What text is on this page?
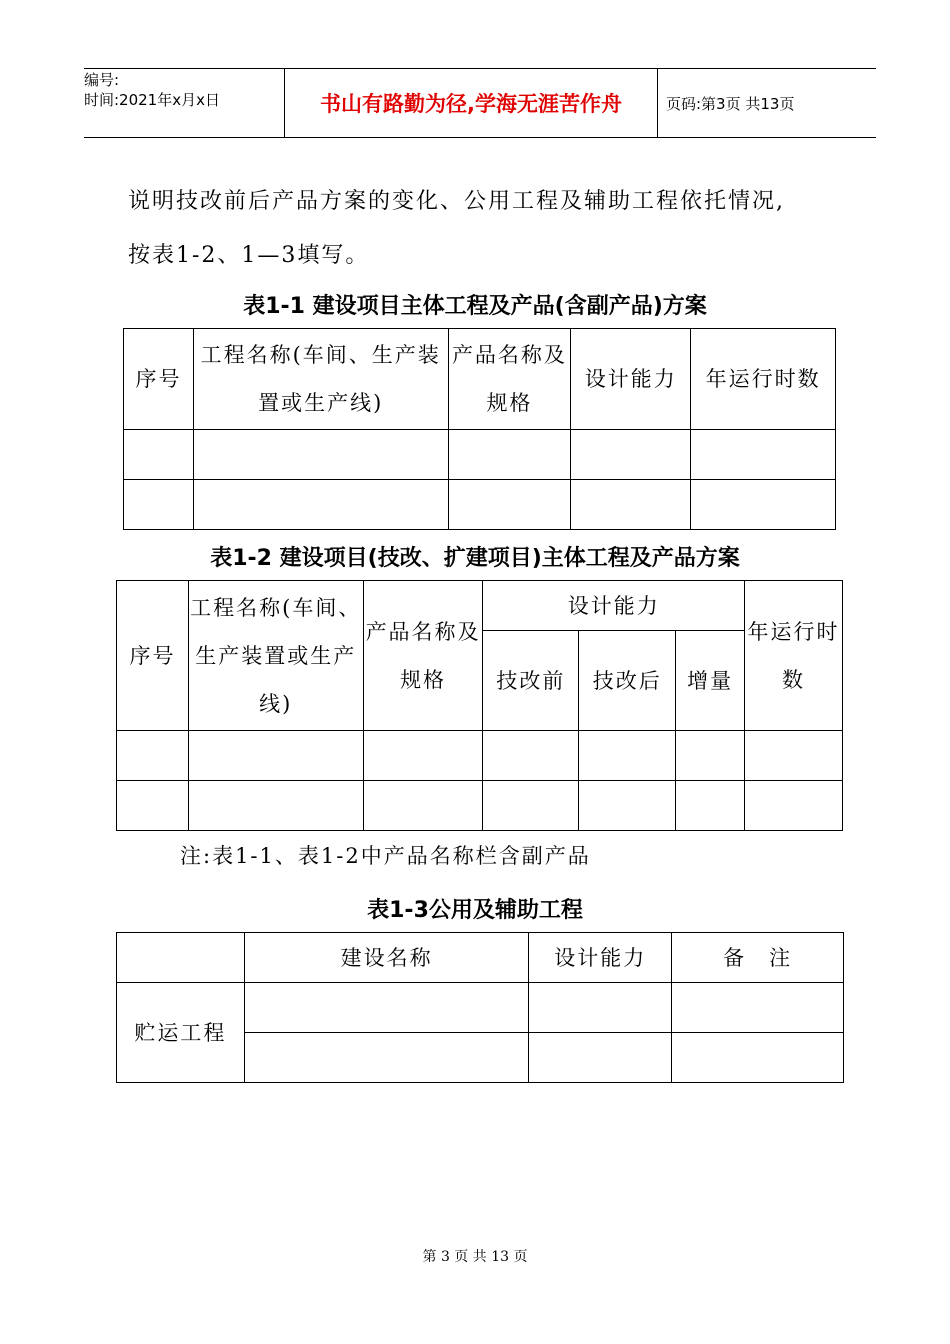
编号:
时间:2021年x月x日	书山有路勤为径,学海无涯苦作舟	页码:第3页 共13页
说明技改前后产品方案的变化、公用工程及辅助工程依托情况,
按表1-2、1—3填写。
表1-1 建设项目主体工程及产品(含副产品)方案
序号	工程名称(车间、生产装置或生产线)	产品名称及规格	设计能力	年运行时数

表1-2 建设项目(技改、扩建项目)主体工程及产品方案
序号	工程名称(车间、生产装置或生产线)	产品名称及规格	设计能力			年运行时数
			技改前	技改后	增量	

注:表1-1、表1-2中产品名称栏含副产品
表1-3公用及辅助工程
	建设名称	设计能力	备　注
贮运工程			

第 3 页 共 13 页
